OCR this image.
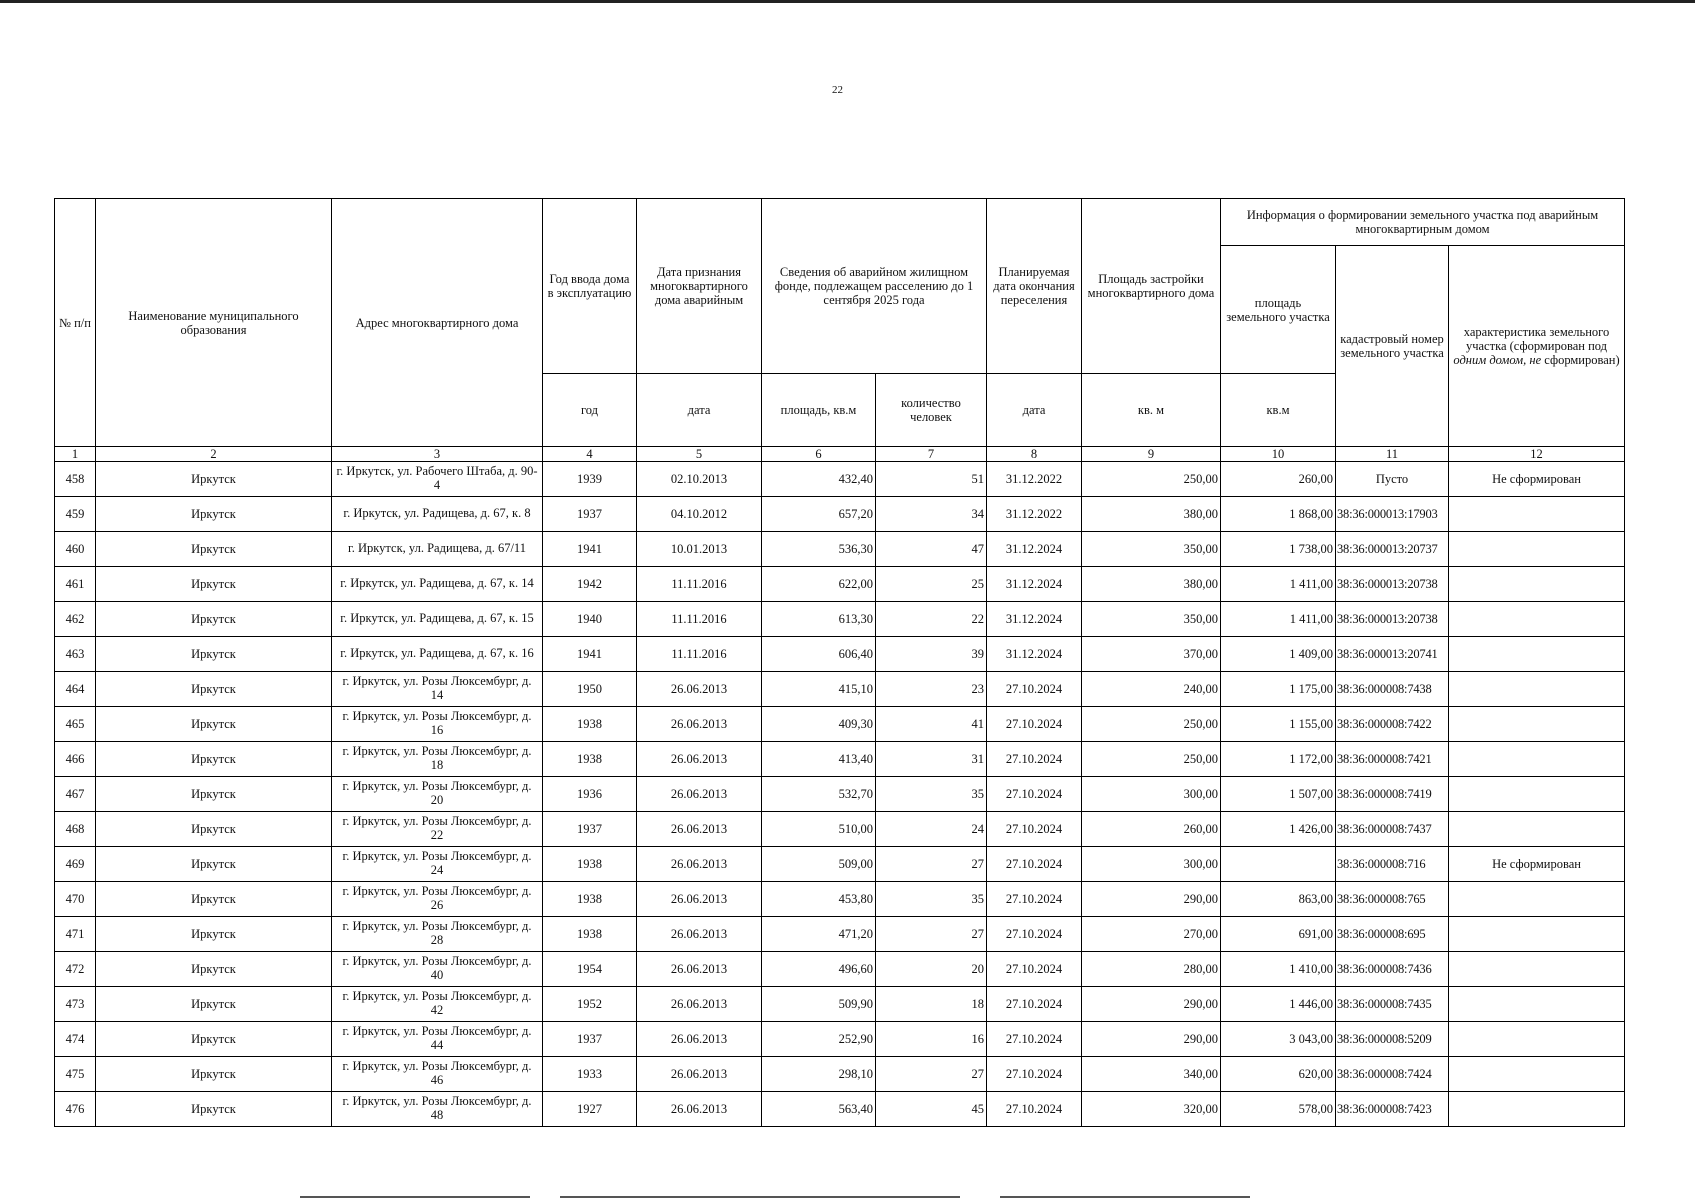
22
№ п/п	Наименование муниципального образования	Адрес многоквартирного дома	Год ввода дома в эксплуатацию	Дата признания многоквартирного дома аварийным	Сведения об аварийном жилищном фонде, подлежащем расселению до 1 сентября 2025 года		Планируемая дата окончания переселения	Площадь застройки многоквартирного дома	Информация о формировании земельного участка под аварийным многоквартирным домом		
									площадь земельного участка	кадастровый номер земельного участка	характеристика земельного участка (сформирован под одним домом, не сформирован)
			год	дата	площадь, кв.м	количество человек	дата	кв. м	кв.м		
1	2	3	4	5	6	7	8	9	10	11	12
458	Иркутск	г. Иркутск, ул. Рабочего Штаба, д. 90-4	1939	02.10.2013	432,40	51	31.12.2022	250,00	260,00	Пусто	Не сформирован
459	Иркутск	г. Иркутск, ул. Радищева, д. 67, к. 8	1937	04.10.2012	657,20	34	31.12.2022	380,00	1 868,00	38:36:000013:17903	
460	Иркутск	г. Иркутск, ул. Радищева, д. 67/11	1941	10.01.2013	536,30	47	31.12.2024	350,00	1 738,00	38:36:000013:20737	
461	Иркутск	г. Иркутск, ул. Радищева, д. 67, к. 14	1942	11.11.2016	622,00	25	31.12.2024	380,00	1 411,00	38:36:000013:20738	
462	Иркутск	г. Иркутск, ул. Радищева, д. 67, к. 15	1940	11.11.2016	613,30	22	31.12.2024	350,00	1 411,00	38:36:000013:20738	
463	Иркутск	г. Иркутск, ул. Радищева, д. 67, к. 16	1941	11.11.2016	606,40	39	31.12.2024	370,00	1 409,00	38:36:000013:20741	
464	Иркутск	г. Иркутск, ул. Розы Люксембург, д. 14	1950	26.06.2013	415,10	23	27.10.2024	240,00	1 175,00	38:36:000008:7438	
465	Иркутск	г. Иркутск, ул. Розы Люксембург, д. 16	1938	26.06.2013	409,30	41	27.10.2024	250,00	1 155,00	38:36:000008:7422	
466	Иркутск	г. Иркутск, ул. Розы Люксембург, д. 18	1938	26.06.2013	413,40	31	27.10.2024	250,00	1 172,00	38:36:000008:7421	
467	Иркутск	г. Иркутск, ул. Розы Люксембург, д. 20	1936	26.06.2013	532,70	35	27.10.2024	300,00	1 507,00	38:36:000008:7419	
468	Иркутск	г. Иркутск, ул. Розы Люксембург, д. 22	1937	26.06.2013	510,00	24	27.10.2024	260,00	1 426,00	38:36:000008:7437	
469	Иркутск	г. Иркутск, ул. Розы Люксембург, д. 24	1938	26.06.2013	509,00	27	27.10.2024	300,00		38:36:000008:716	Не сформирован
470	Иркутск	г. Иркутск, ул. Розы Люксембург, д. 26	1938	26.06.2013	453,80	35	27.10.2024	290,00	863,00	38:36:000008:765	
471	Иркутск	г. Иркутск, ул. Розы Люксембург, д. 28	1938	26.06.2013	471,20	27	27.10.2024	270,00	691,00	38:36:000008:695	
472	Иркутск	г. Иркутск, ул. Розы Люксембург, д. 40	1954	26.06.2013	496,60	20	27.10.2024	280,00	1 410,00	38:36:000008:7436	
473	Иркутск	г. Иркутск, ул. Розы Люксембург, д. 42	1952	26.06.2013	509,90	18	27.10.2024	290,00	1 446,00	38:36:000008:7435	
474	Иркутск	г. Иркутск, ул. Розы Люксембург, д. 44	1937	26.06.2013	252,90	16	27.10.2024	290,00	3 043,00	38:36:000008:5209	
475	Иркутск	г. Иркутск, ул. Розы Люксембург, д. 46	1933	26.06.2013	298,10	27	27.10.2024	340,00	620,00	38:36:000008:7424	
476	Иркутск	г. Иркутск, ул. Розы Люксембург, д. 48	1927	26.06.2013	563,40	45	27.10.2024	320,00	578,00	38:36:000008:7423	
